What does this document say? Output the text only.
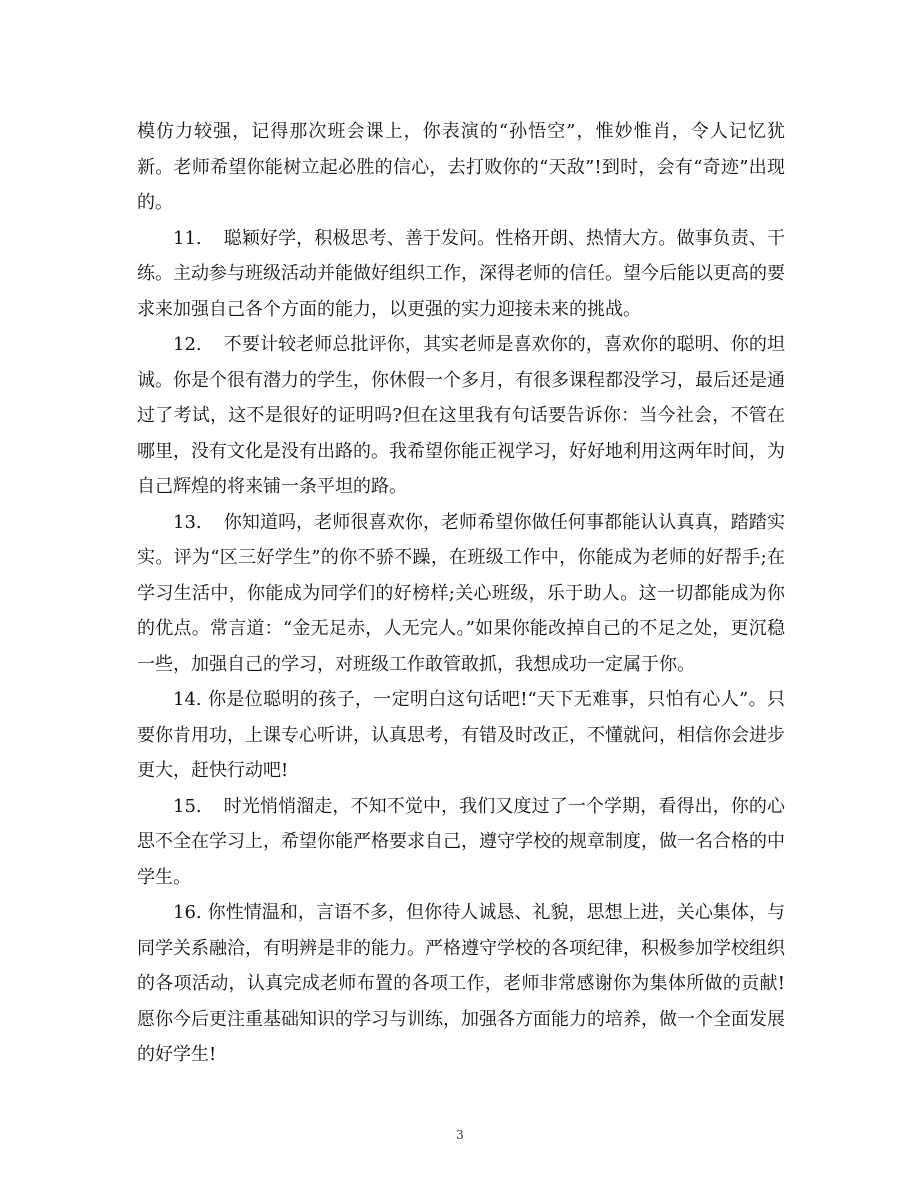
模仿力较强，记得那次班会课上，你表演的“孙悟空”，惟妙惟肖，令人记忆犹新。老师希望你能树立起必胜的信心，去打败你的“天敌”!到时，会有“奇迹”出现的。

11. 聪颖好学，积极思考、善于发问。性格开朗、热情大方。做事负责、干练。主动参与班级活动并能做好组织工作，深得老师的信任。望今后能以更高的要求来加强自己各个方面的能力，以更强的实力迎接未来的挑战。

12. 不要计较老师总批评你，其实老师是喜欢你的，喜欢你的聪明、你的坦诚。你是个很有潜力的学生，你休假一个多月，有很多课程都没学习，最后还是通过了考试，这不是很好的证明吗?但在这里我有句话要告诉你：当今社会，不管在哪里，没有文化是没有出路的。我希望你能正视学习，好好地利用这两年时间，为自己辉煌的将来铺一条平坦的路。

13. 你知道吗，老师很喜欢你，老师希望你做任何事都能认认真真，踏踏实实。评为“区三好学生”的你不骄不躁，在班级工作中，你能成为老师的好帮手;在学习生活中，你能成为同学们的好榜样;关心班级，乐于助人。这一切都能成为你的优点。常言道：“金无足赤，人无完人。”如果你能改掉自己的不足之处，更沉稳一些，加强自己的学习，对班级工作敢管敢抓，我想成功一定属于你。

14. 你是位聪明的孩子，一定明白这句话吧!“天下无难事，只怕有心人”。只要你肯用功，上课专心听讲，认真思考，有错及时改正，不懂就问，相信你会进步更大，赶快行动吧!

15. 时光悄悄溜走，不知不觉中，我们又度过了一个学期，看得出，你的心思不全在学习上，希望你能严格要求自己，遵守学校的规章制度，做一名合格的中学生。

16. 你性情温和，言语不多，但你待人诚恳、礼貌，思想上进，关心集体，与同学关系融洽，有明辨是非的能力。严格遵守学校的各项纪律，积极参加学校组织的各项活动，认真完成老师布置的各项工作，老师非常感谢你为集体所做的贡献!愿你今后更注重基础知识的学习与训练，加强各方面能力的培养，做一个全面发展的好学生!

3
